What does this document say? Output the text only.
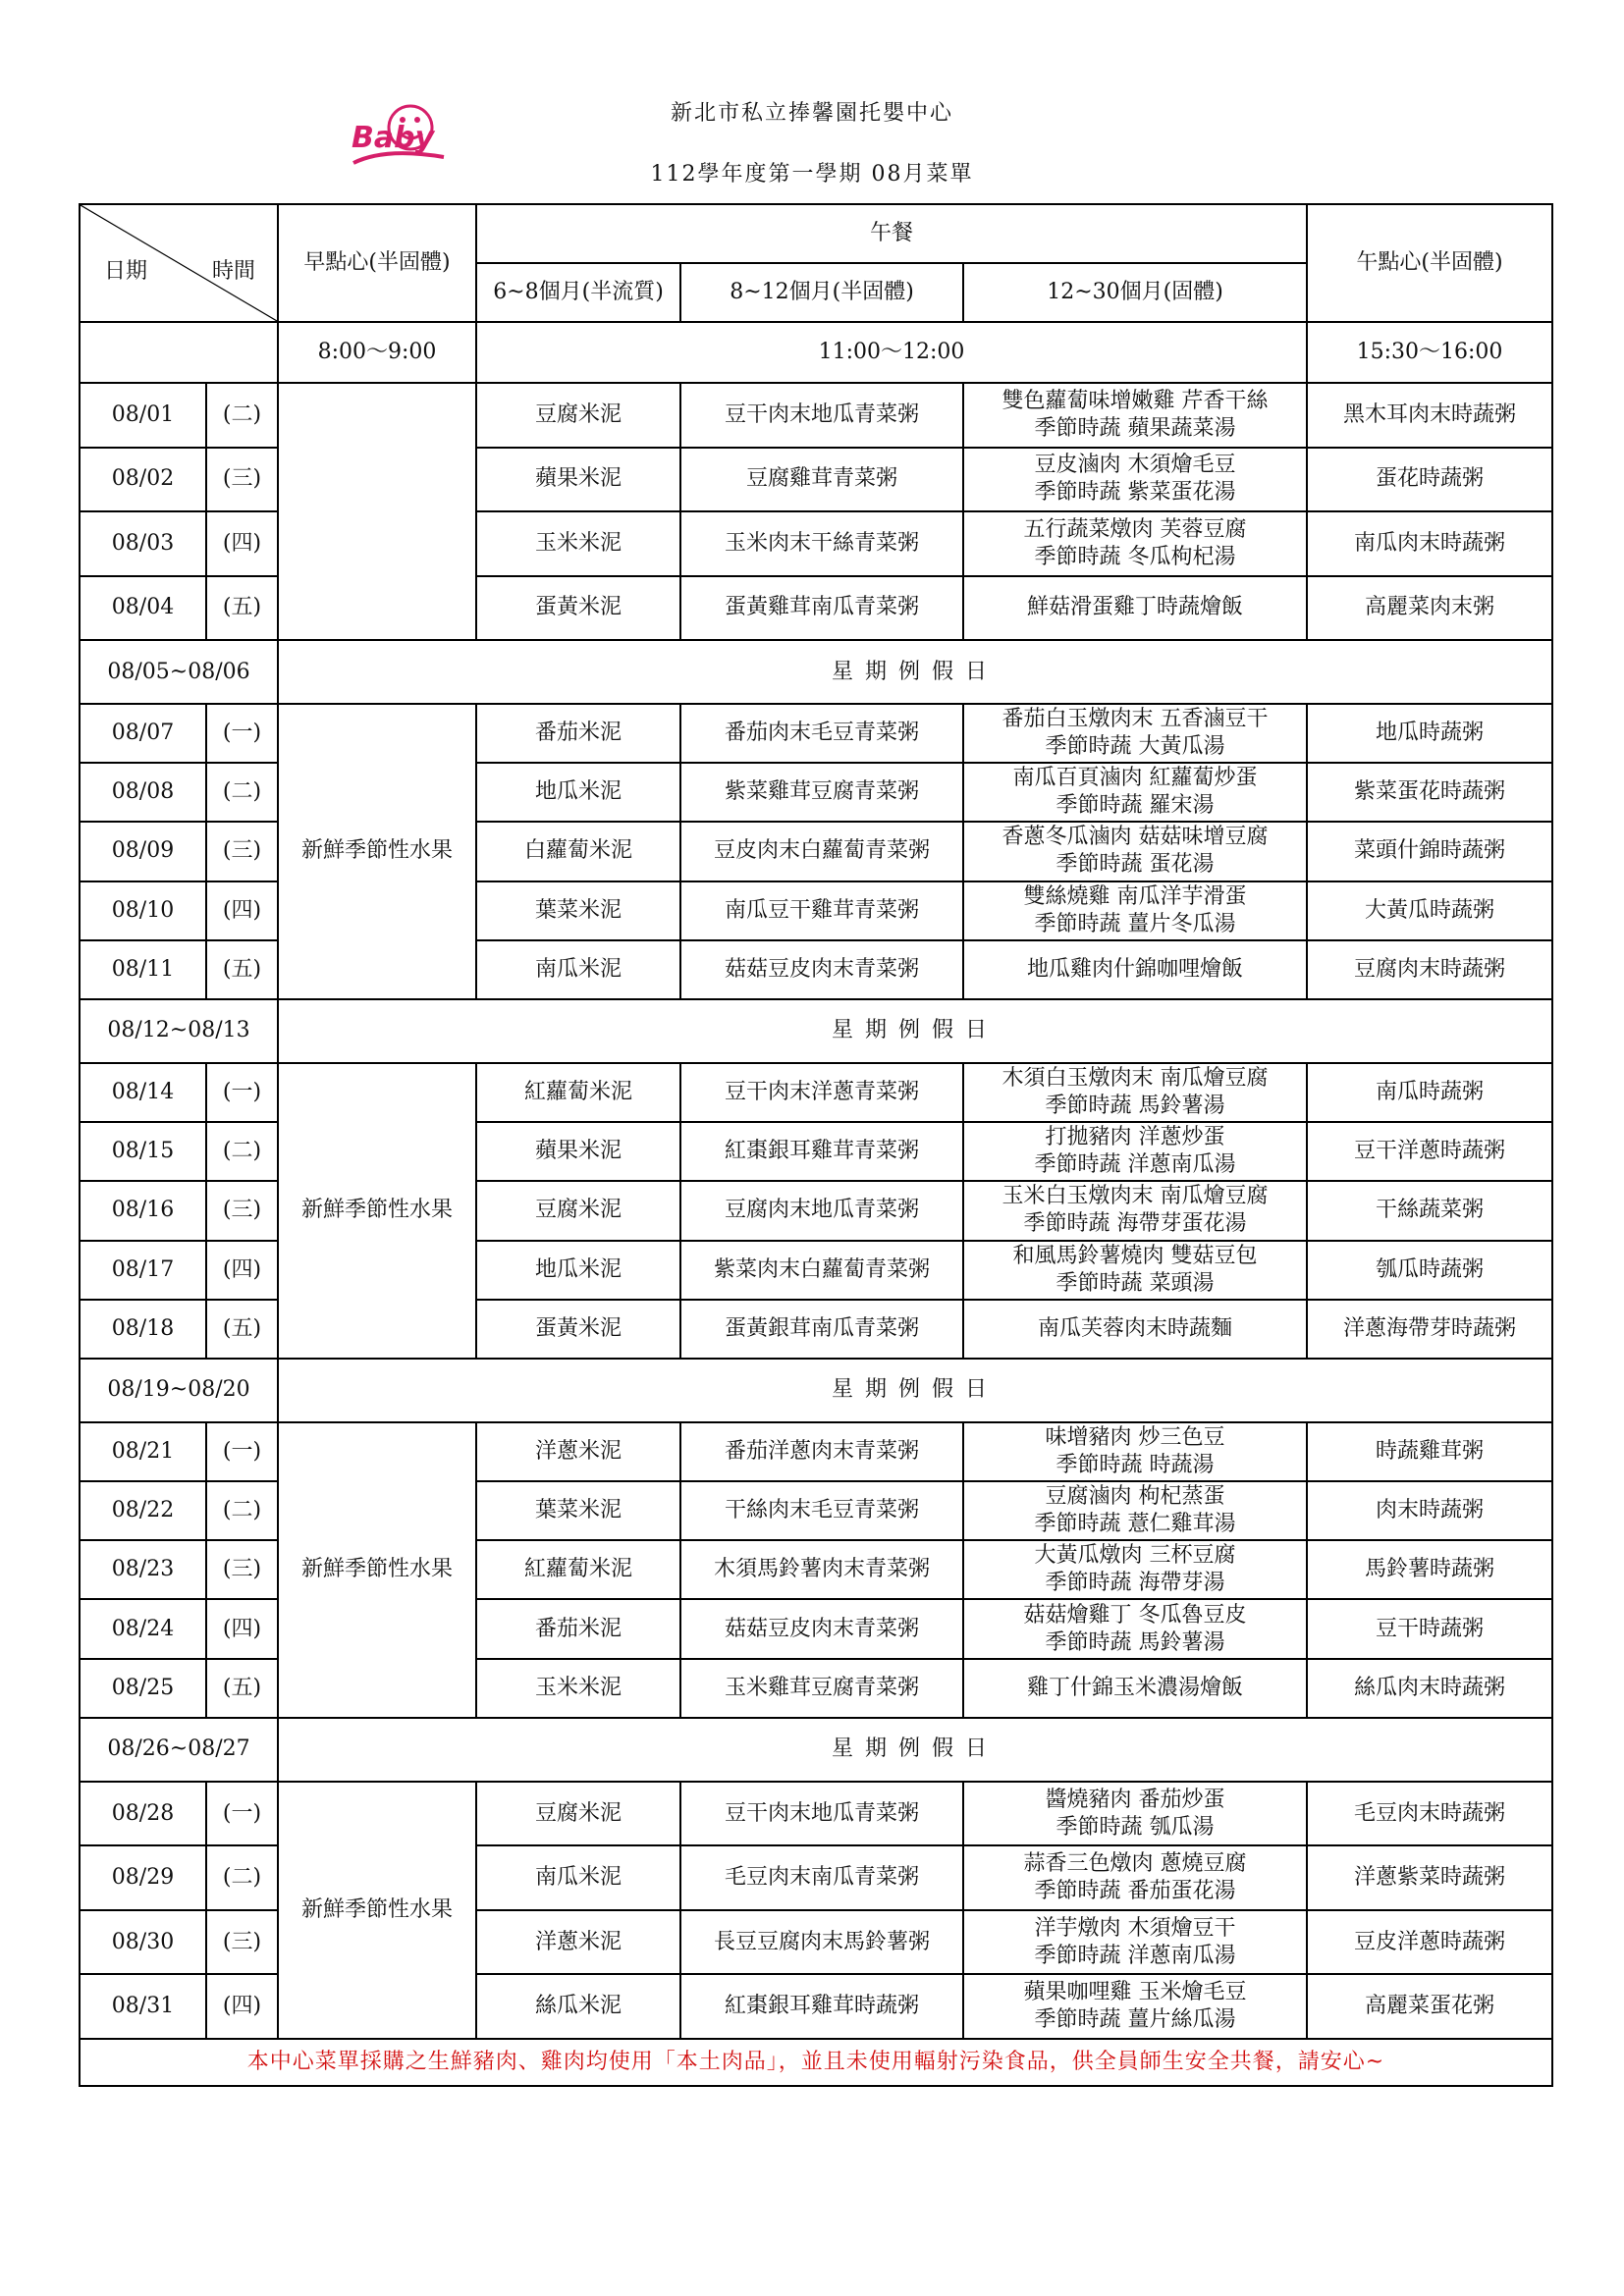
Baby
新北市私立捧馨園托嬰中心
112學年度第一學期 08月菜單
日期 時間		早點心(半固體)	午餐			午點心(半固體)
			6~8個月(半流質)	8~12個月(半固體)	12~30個月(固體)	
		8:00～9:00	11:00～12:00			15:30～16:00
08/01	(二)		豆腐米泥	豆干肉末地瓜青菜粥	雙色蘿蔔味增嫩雞 芹香干絲
季節時蔬 蘋果蔬菜湯	黑木耳肉末時蔬粥
08/02	(三)		蘋果米泥	豆腐雞茸青菜粥	豆皮滷肉 木須燴毛豆
季節時蔬 紫菜蛋花湯	蛋花時蔬粥
08/03	(四)		玉米米泥	玉米肉末干絲青菜粥	五行蔬菜燉肉 芙蓉豆腐
季節時蔬 冬瓜枸杞湯	南瓜肉末時蔬粥
08/04	(五)		蛋黃米泥	蛋黃雞茸南瓜青菜粥	鮮菇滑蛋雞丁時蔬燴飯	高麗菜肉末粥
08/05~08/06		星期例假日				
08/07	(一)	新鮮季節性水果	番茄米泥	番茄肉末毛豆青菜粥	番茄白玉燉肉末 五香滷豆干
季節時蔬 大黃瓜湯	地瓜時蔬粥
08/08	(二)		地瓜米泥	紫菜雞茸豆腐青菜粥	南瓜百頁滷肉 紅蘿蔔炒蛋
季節時蔬 羅宋湯	紫菜蛋花時蔬粥
08/09	(三)		白蘿蔔米泥	豆皮肉末白蘿蔔青菜粥	香蔥冬瓜滷肉 菇菇味增豆腐
季節時蔬 蛋花湯	菜頭什錦時蔬粥
08/10	(四)		葉菜米泥	南瓜豆干雞茸青菜粥	雙絲燒雞 南瓜洋芋滑蛋
季節時蔬 薑片冬瓜湯	大黃瓜時蔬粥
08/11	(五)		南瓜米泥	菇菇豆皮肉末青菜粥	地瓜雞肉什錦咖哩燴飯	豆腐肉末時蔬粥
08/12~08/13		星期例假日				
08/14	(一)	新鮮季節性水果	紅蘿蔔米泥	豆干肉末洋蔥青菜粥	木須白玉燉肉末 南瓜燴豆腐
季節時蔬 馬鈴薯湯	南瓜時蔬粥
08/15	(二)		蘋果米泥	紅棗銀耳雞茸青菜粥	打拋豬肉 洋蔥炒蛋
季節時蔬 洋蔥南瓜湯	豆干洋蔥時蔬粥
08/16	(三)		豆腐米泥	豆腐肉末地瓜青菜粥	玉米白玉燉肉末 南瓜燴豆腐
季節時蔬 海帶芽蛋花湯	干絲蔬菜粥
08/17	(四)		地瓜米泥	紫菜肉末白蘿蔔青菜粥	和風馬鈴薯燒肉 雙菇豆包
季節時蔬 菜頭湯	瓠瓜時蔬粥
08/18	(五)		蛋黃米泥	蛋黃銀茸南瓜青菜粥	南瓜芙蓉肉末時蔬麵	洋蔥海帶芽時蔬粥
08/19~08/20		星期例假日				
08/21	(一)	新鮮季節性水果	洋蔥米泥	番茄洋蔥肉末青菜粥	味增豬肉 炒三色豆
季節時蔬 時蔬湯	時蔬雞茸粥
08/22	(二)		葉菜米泥	干絲肉末毛豆青菜粥	豆腐滷肉 枸杞蒸蛋
季節時蔬 薏仁雞茸湯	肉末時蔬粥
08/23	(三)		紅蘿蔔米泥	木須馬鈴薯肉末青菜粥	大黃瓜燉肉 三杯豆腐
季節時蔬 海帶芽湯	馬鈴薯時蔬粥
08/24	(四)		番茄米泥	菇菇豆皮肉末青菜粥	菇菇燴雞丁 冬瓜魯豆皮
季節時蔬 馬鈴薯湯	豆干時蔬粥
08/25	(五)		玉米米泥	玉米雞茸豆腐青菜粥	雞丁什錦玉米濃湯燴飯	絲瓜肉末時蔬粥
08/26~08/27		星期例假日				
08/28	(一)	新鮮季節性水果	豆腐米泥	豆干肉末地瓜青菜粥	醬燒豬肉 番茄炒蛋
季節時蔬 瓠瓜湯	毛豆肉末時蔬粥
08/29	(二)		南瓜米泥	毛豆肉末南瓜青菜粥	蒜香三色燉肉 蔥燒豆腐
季節時蔬 番茄蛋花湯	洋蔥紫菜時蔬粥
08/30	(三)		洋蔥米泥	長豆豆腐肉末馬鈴薯粥	洋芋燉肉 木須燴豆干
季節時蔬 洋蔥南瓜湯	豆皮洋蔥時蔬粥
08/31	(四)		絲瓜米泥	紅棗銀耳雞茸時蔬粥	蘋果咖哩雞 玉米燴毛豆
季節時蔬 薑片絲瓜湯	高麗菜蛋花粥
本中心菜單採購之生鮮豬肉、雞肉均使用「本土肉品」，並且未使用輻射污染食品，供全員師生安全共餐，請安心~						
